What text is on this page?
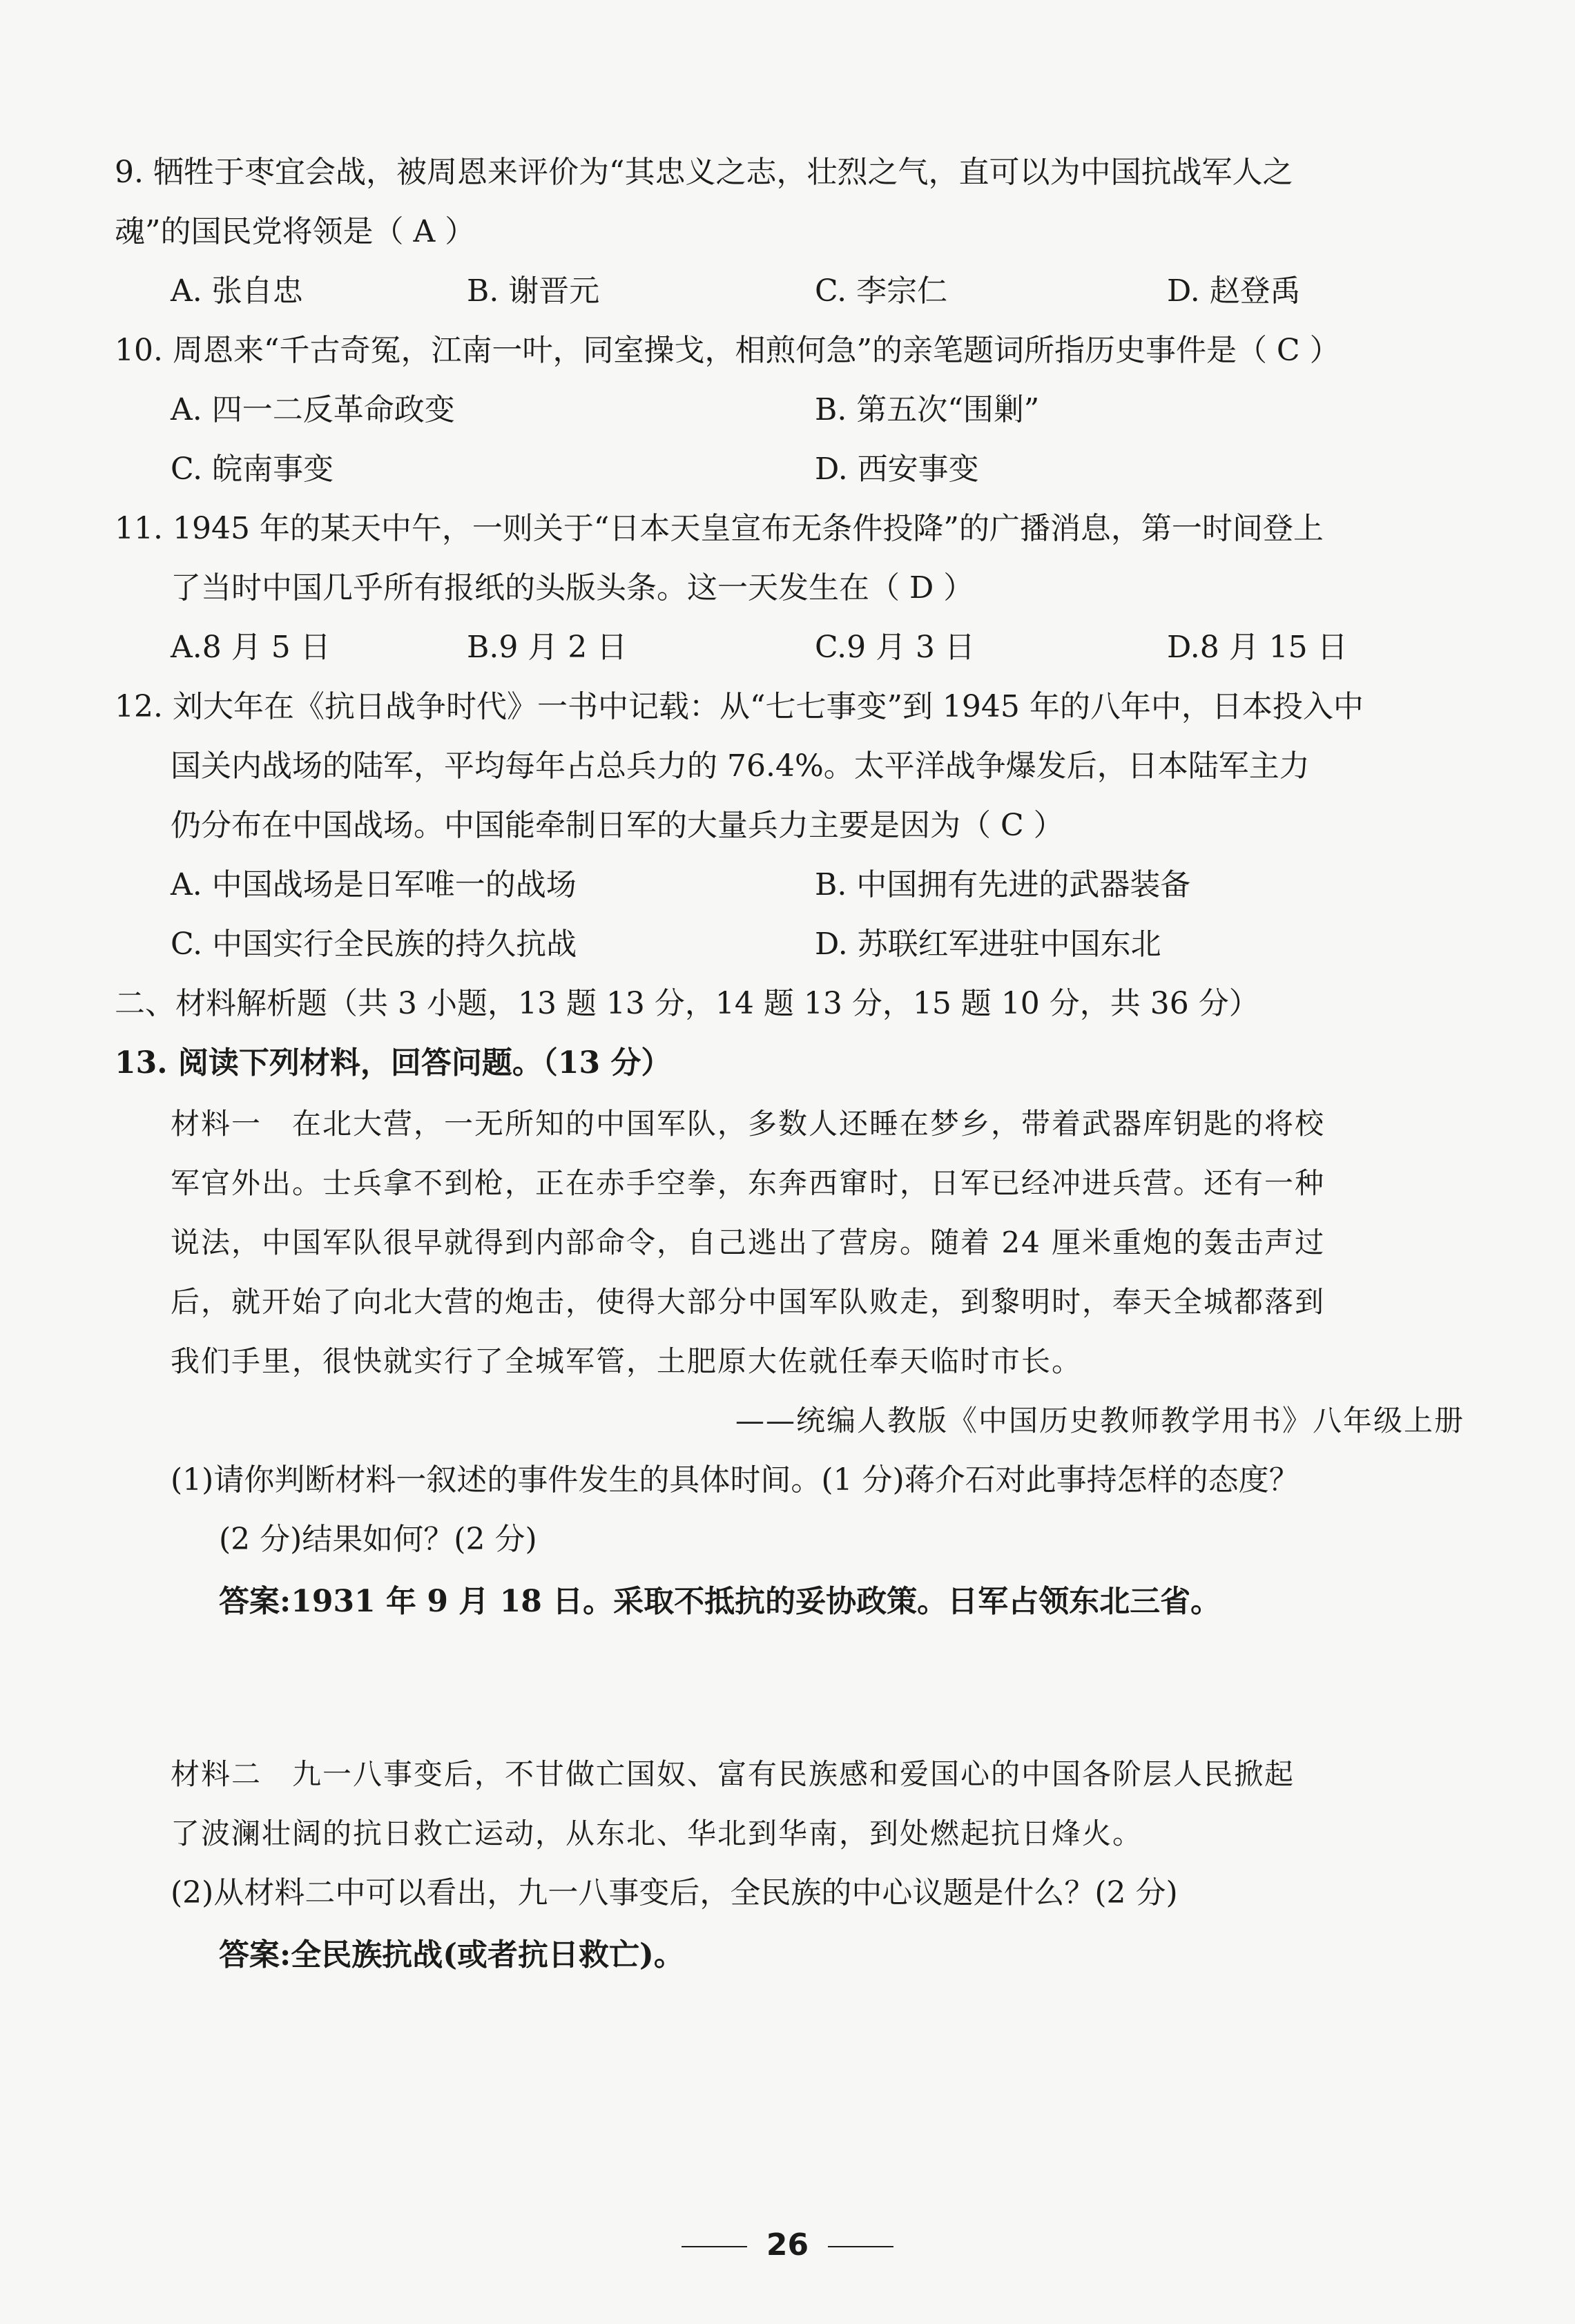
9. 牺牲于枣宜会战，被周恩来评价为“其忠义之志，壮烈之气，直可以为中国抗战军人之
魂”的国民党将领是（ A ）
A. 张自忠	B. 谢晋元	C. 李宗仁	D. 赵登禹
10. 周恩来“千古奇冤，江南一叶，同室操戈，相煎何急”的亲笔题词所指历史事件是（ C ）
A. 四一二反革命政变	B. 第五次“围剿”
C. 皖南事变	D. 西安事变
11. 1945 年的某天中午，一则关于“日本天皇宣布无条件投降”的广播消息，第一时间登上
了当时中国几乎所有报纸的头版头条。这一天发生在（ D ）
A.8 月 5 日	B.9 月 2 日	C.9 月 3 日	D.8 月 15 日
12. 刘大年在《抗日战争时代》一书中记载：从“七七事变”到 1945 年的八年中，日本投入中
国关内战场的陆军，平均每年占总兵力的 76.4%。太平洋战争爆发后，日本陆军主力
仍分布在中国战场。中国能牵制日军的大量兵力主要是因为（ C ）
A. 中国战场是日军唯一的战场	B. 中国拥有先进的武器装备
C. 中国实行全民族的持久抗战	D. 苏联红军进驻中国东北
二、材料解析题（共 3 小题，13 题 13 分，14 题 13 分，15 题 10 分，共 36 分）
13. 阅读下列材料，回答问题。（13 分）
材料一　在北大营，一无所知的中国军队，多数人还睡在梦乡，带着武器库钥匙的将校
军官外出。士兵拿不到枪，正在赤手空拳，东奔西窜时，日军已经冲进兵营。还有一种
说法，中国军队很早就得到内部命令，自己逃出了营房。随着 24 厘米重炮的轰击声过
后，就开始了向北大营的炮击，使得大部分中国军队败走，到黎明时，奉天全城都落到
我们手里，很快就实行了全城军管，土肥原大佐就任奉天临时市长。
——统编人教版《中国历史教师教学用书》八年级上册
(1)请你判断材料一叙述的事件发生的具体时间。(1 分)蒋介石对此事持怎样的态度？
(2 分)结果如何？(2 分)
答案:1931 年 9 月 18 日。采取不抵抗的妥协政策。日军占领东北三省。
材料二　九一八事变后，不甘做亡国奴、富有民族感和爱国心的中国各阶层人民掀起
了波澜壮阔的抗日救亡运动，从东北、华北到华南，到处燃起抗日烽火。
(2)从材料二中可以看出，九一八事变后，全民族的中心议题是什么？(2 分)
答案:全民族抗战(或者抗日救亡)。
26
